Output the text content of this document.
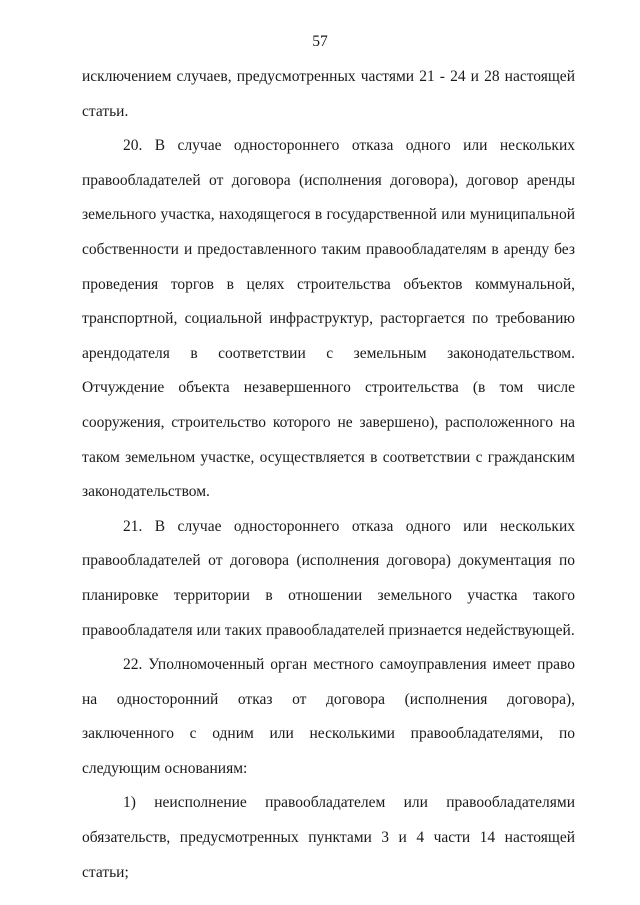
57

исключением случаев, предусмотренных частями 21 - 24 и 28 настоящей статьи.

20. В случае одностороннего отказа одного или нескольких правообладателей от договора (исполнения договора), договор аренды земельного участка, находящегося в государственной или муниципальной собственности и предоставленного таким правообладателям в аренду без проведения торгов в целях строительства объектов коммунальной, транспортной, социальной инфраструктур, расторгается по требованию арендодателя в соответствии с земельным законодательством. Отчуждение объекта незавершенного строительства (в том числе сооружения, строительство которого не завершено), расположенного на таком земельном участке, осуществляется в соответствии с гражданским законодательством.

21. В случае одностороннего отказа одного или нескольких правообладателей от договора (исполнения договора) документация по планировке территории в отношении земельного участка такого правообладателя или таких правообладателей признается недействующей.

22. Уполномоченный орган местного самоуправления имеет право на односторонний отказ от договора (исполнения договора), заключенного с одним или несколькими правообладателями, по следующим основаниям:

1) неисполнение правообладателем или правообладателями обязательств, предусмотренных пунктами 3 и 4 части 14 настоящей статьи;
